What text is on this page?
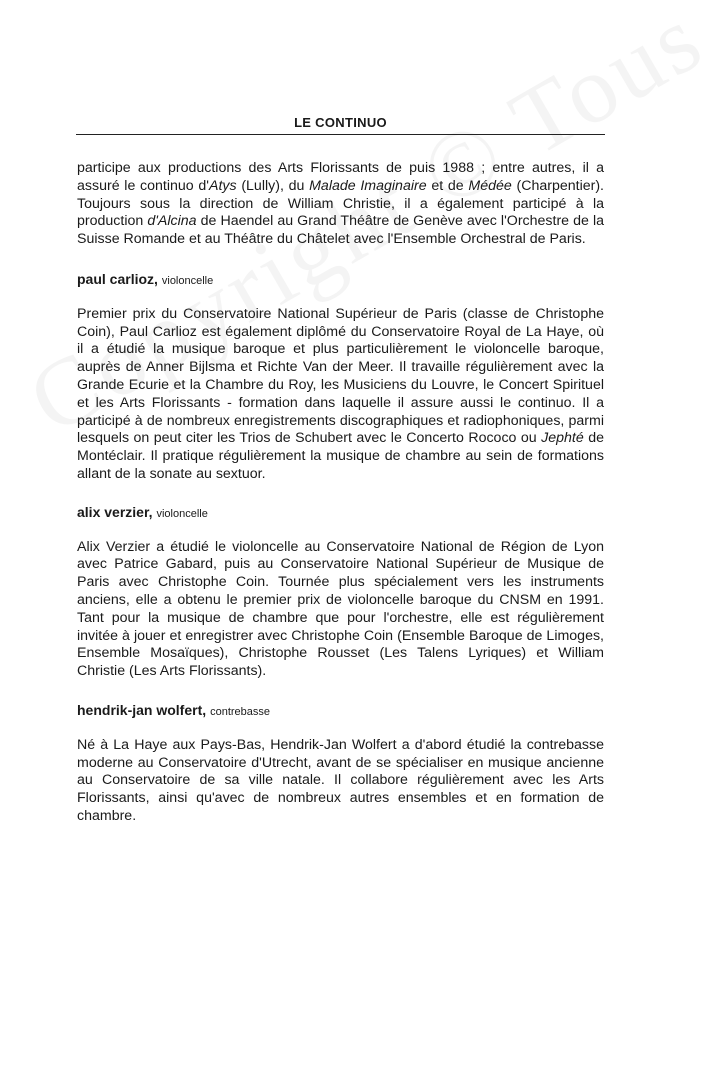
LE CONTINUO

participe aux productions des Arts Florissants de puis 1988 ; entre autres, il a assuré le continuo d'Atys (Lully), du Malade Imaginaire et de Médée (Charpentier). Toujours sous la direction de William Christie, il a également participé à la production d'Alcina de Haendel au Grand Théâtre de Genève avec l'Orchestre de la Suisse Romande et au Théâtre du Châtelet avec l'Ensemble Orchestral de Paris.

paul carlioz, violoncelle

Premier prix du Conservatoire National Supérieur de Paris (classe de Christophe Coin), Paul Carlioz est également diplômé du Conservatoire Royal de La Haye, où il a étudié la musique baroque et plus particulièrement le violoncelle baroque, auprès de Anner Bijlsma et Richte Van der Meer. Il travaille régulièrement avec la Grande Ecurie et la Chambre du Roy, les Musiciens du Louvre, le Concert Spirituel et les Arts Florissants - formation dans laquelle il assure aussi le continuo. Il a participé à de nombreux enregistrements discographiques et radiophoniques, parmi lesquels on peut citer les Trios de Schubert avec le Concerto Rococo ou Jephté de Montéclair. Il pratique régulièrement la musique de chambre au sein de formations allant de la sonate au sextuor.

alix verzier, violoncelle

Alix Verzier a étudié le violoncelle au Conservatoire National de Région de Lyon avec Patrice Gabard, puis au Conservatoire National Supérieur de Musique de Paris avec Christophe Coin. Tournée plus spécialement vers les instruments anciens, elle a obtenu le premier prix de violoncelle baroque du CNSM en 1991. Tant pour la musique de chambre que pour l'orchestre, elle est régulièrement invitée à jouer et enregistrer avec Christophe Coin (Ensemble Baroque de Limoges, Ensemble Mosaïques), Christophe Rousset (Les Talens Lyriques) et William Christie (Les Arts Florissants).

hendrik-jan wolfert, contrebasse

Né à La Haye aux Pays-Bas, Hendrik-Jan Wolfert a d'abord étudié la contrebasse moderne au Conservatoire d'Utrecht, avant de se spécialiser en musique ancienne au Conservatoire de sa ville natale. Il collabore régulièrement avec les Arts Florissants, ainsi qu'avec de nombreux autres ensembles et en formation de chambre.
